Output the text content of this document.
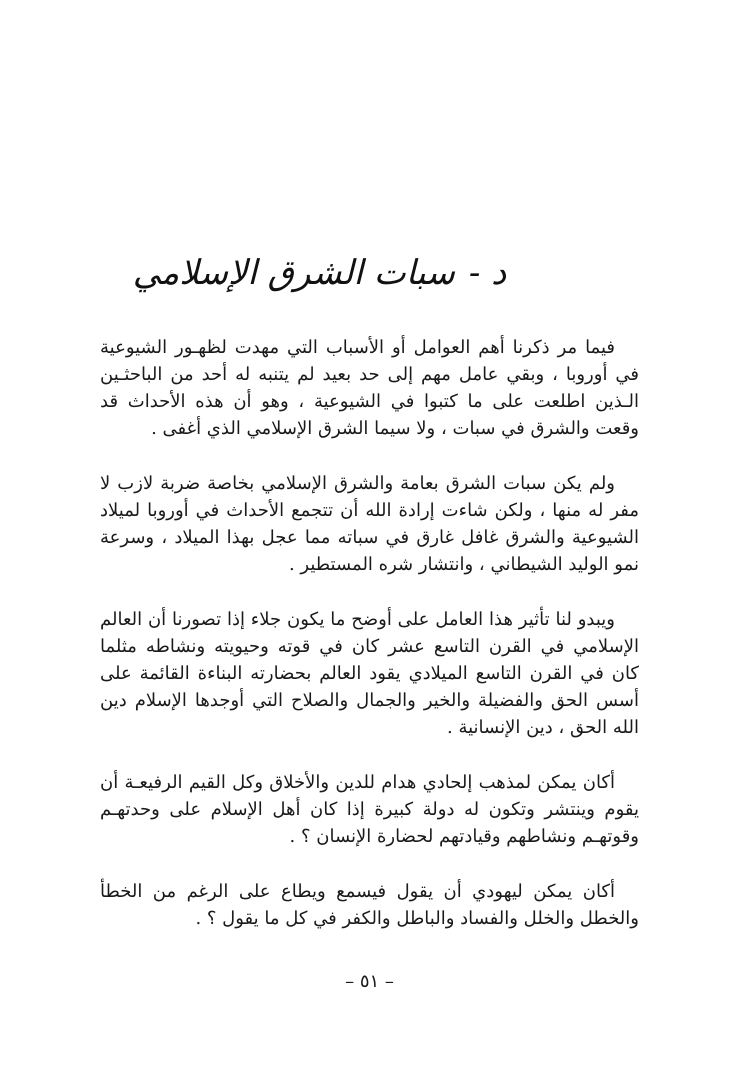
د -سبات الشرق الإسلامي

فيما مر ذكرنا أهم العوامل أو الأسباب التي مهدت لظهـور الشيوعية في أوروبا ، وبقي عامل مهم إلى حد بعيد لم يتنبه له أحد من الباحثـين الـذين اطلعت على ما كتبوا في الشيوعية ، وهو أن هذه الأحداث قد وقعت والشرق في سبات ، ولا سيما الشرق الإسلامي الذي أغفى .

ولم يكن سبات الشرق بعامة والشرق الإسلامي بخاصة ضربة لازب لا مفر له منها ، ولكن شاءت إرادة الله أن تتجمع الأحداث في أوروبا لميلاد الشيوعية والشرق غافل غارق في سباته مما عجل بهذا الميلاد ، وسرعة نمو الوليد الشيطاني ، وانتشار شره المستطير .

ويبدو لنا تأثير هذا العامل على أوضح ما يكون جلاء إذا تصورنا أن العالم الإسلامي في القرن التاسع عشر كان في قوته وحيويته ونشاطه مثلما كان في القرن التاسع الميلادي يقود العالم بحضارته البناءة القائمة على أسس الحق والفضيلة والخير والجمال والصلاح التي أوجدها الإسلام دين الله الحق ، دين الإنسانية .

أكان يمكن لمذهب إلحادي هدام للدين والأخلاق وكل القيم الرفيعـة أن يقوم وينتشر وتكون له دولة كبيرة إذا كان أهل الإسلام على وحدتهـم وقوتهـم ونشاطهم وقيادتهم لحضارة الإنسان ؟ .

أكان يمكن ليهودي أن يقول فيسمع ويطاع على الرغم من الخطأ والخطل والخلل والفساد والباطل والكفر في كل ما يقول ؟ .

– ٥١ –
